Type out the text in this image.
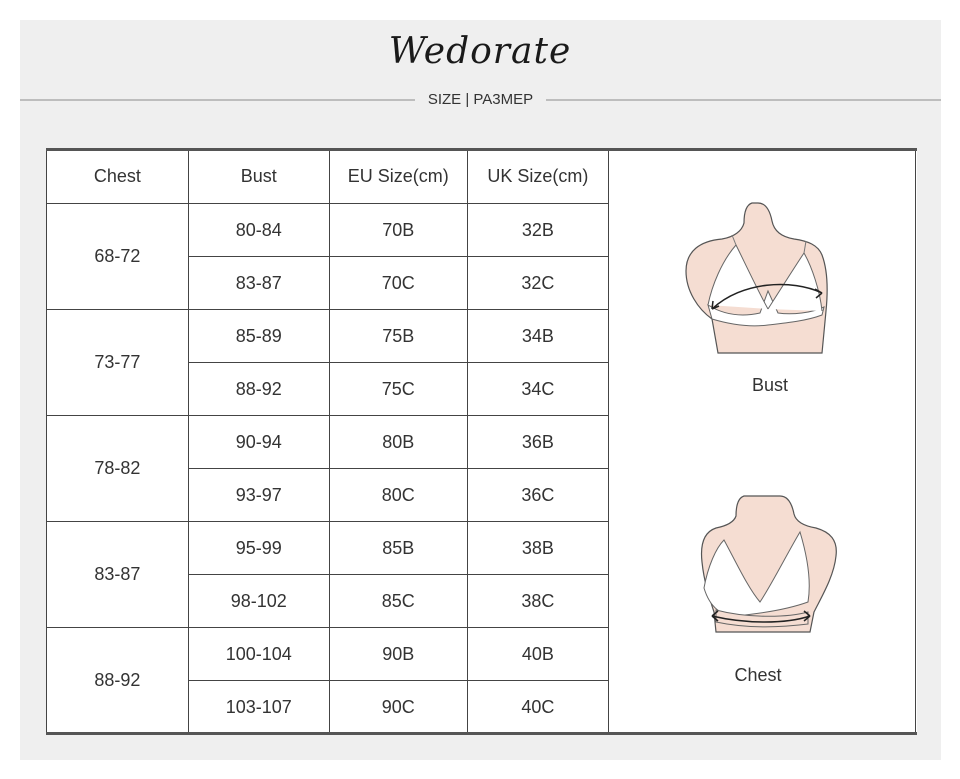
Wedorate
SIZE | PA3MEP
Chest	Bust	EU Size(cm)	UK Size(cm)
68-72	80-84	70B	32B
	83-87	70C	32C
73-77	85-89	75B	34B
	88-92	75C	34C
78-82	90-94	80B	36B
	93-97	80C	36C
83-87	95-99	85B	38B
	98-102	85C	38C
88-92	100-104	90B	40B
	103-107	90C	40C
Bust
Chest
